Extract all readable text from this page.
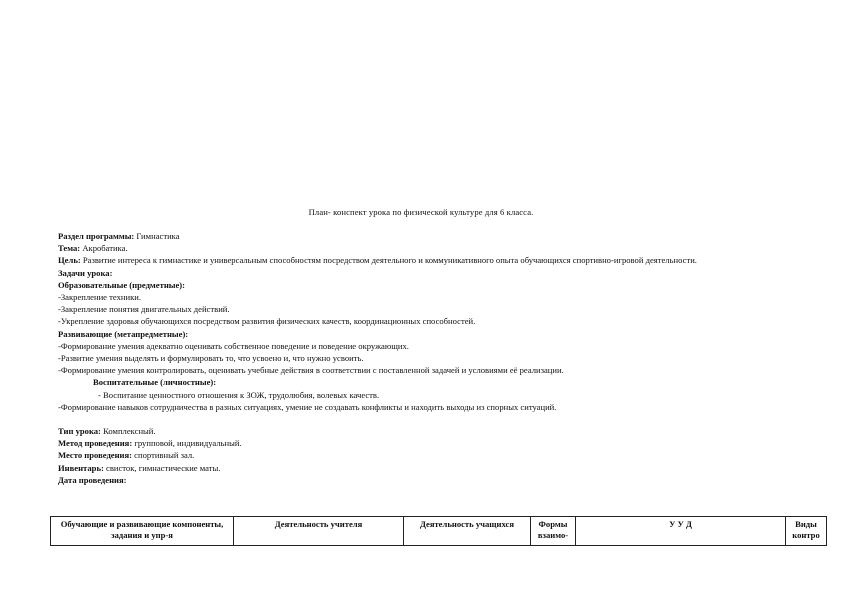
План- конспект урока по физической культуре для 6 класса.
Раздел программы: Гимнастика
Тема: Акробатика.
Цель: Развитие интереса к гимнастике и универсальным способностям посредством деятельного и коммуникативного опыта обучающихся спортивно-игровой деятельности.
Задачи урока:
Образовательные (предметные):
-Закрепление техники.
-Закрепление понятия двигательных действий.
-Укрепление здоровья обучающихся посредством развития физических качеств, координационных способностей.
Развивающие (метапредметные):
-Формирование умения адекватно оценивать собственное поведение и поведение окружающих.
-Развитие умения выделять и формулировать то, что усвоено и, что нужно усвоить.
-Формирование умения контролировать, оценивать учебные действия в соответствии с поставленной задачей и условиями её реализации.
Воспитательные (личностные):
- Воспитание ценностного отношения к ЗОЖ, трудолюбия, волевых качеств.
-Формирование навыков сотрудничества в разных ситуациях, умение не создавать конфликты и находить выходы из спорных ситуаций.
Тип урока: Комплексный.
Метод проведения: групповой, индивидуальный.
Место проведения: спортивный зал.
Инвентарь: свисток, гимнастические маты.
Дата проведения:
Обучающие и развивающие компоненты, задания и упр-я	Деятельность учителя	Деятельность учащихся	Формы взаимо-	У У Д	Виды контро
